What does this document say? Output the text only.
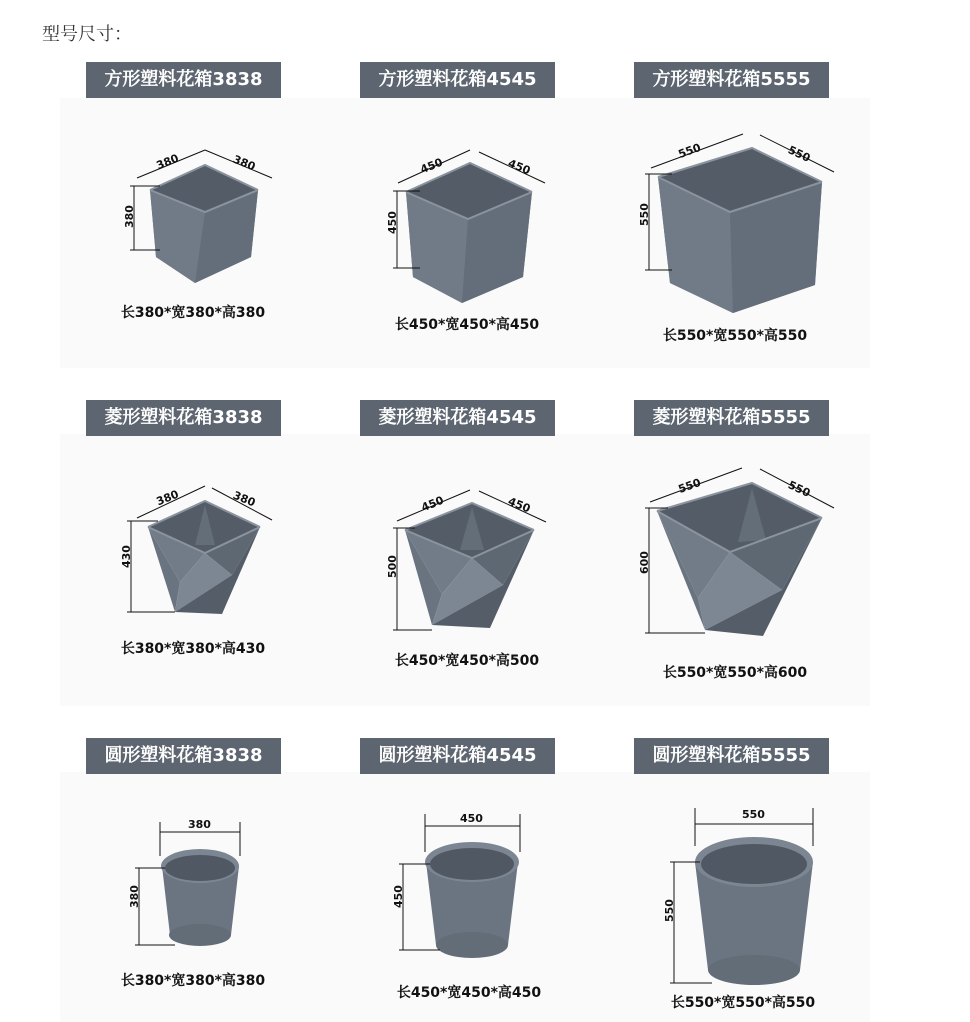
型号尺寸：
方形塑料花箱3838	方形塑料花箱4545	方形塑料花箱5555
380	380
380
长380*宽380*高380
450	450
450
长450*宽450*高450
550	550
550
长550*宽550*高550
菱形塑料花箱3838	菱形塑料花箱4545	菱形塑料花箱5555
380	380
430
长380*宽380*高430
450	450
500
长450*宽450*高500
550	550
600
长550*宽550*高600
圆形塑料花箱3838	圆形塑料花箱4545	圆形塑料花箱5555
380
380
长380*宽380*高380
450
450
长450*宽450*高450
550
550
长550*宽550*高550
